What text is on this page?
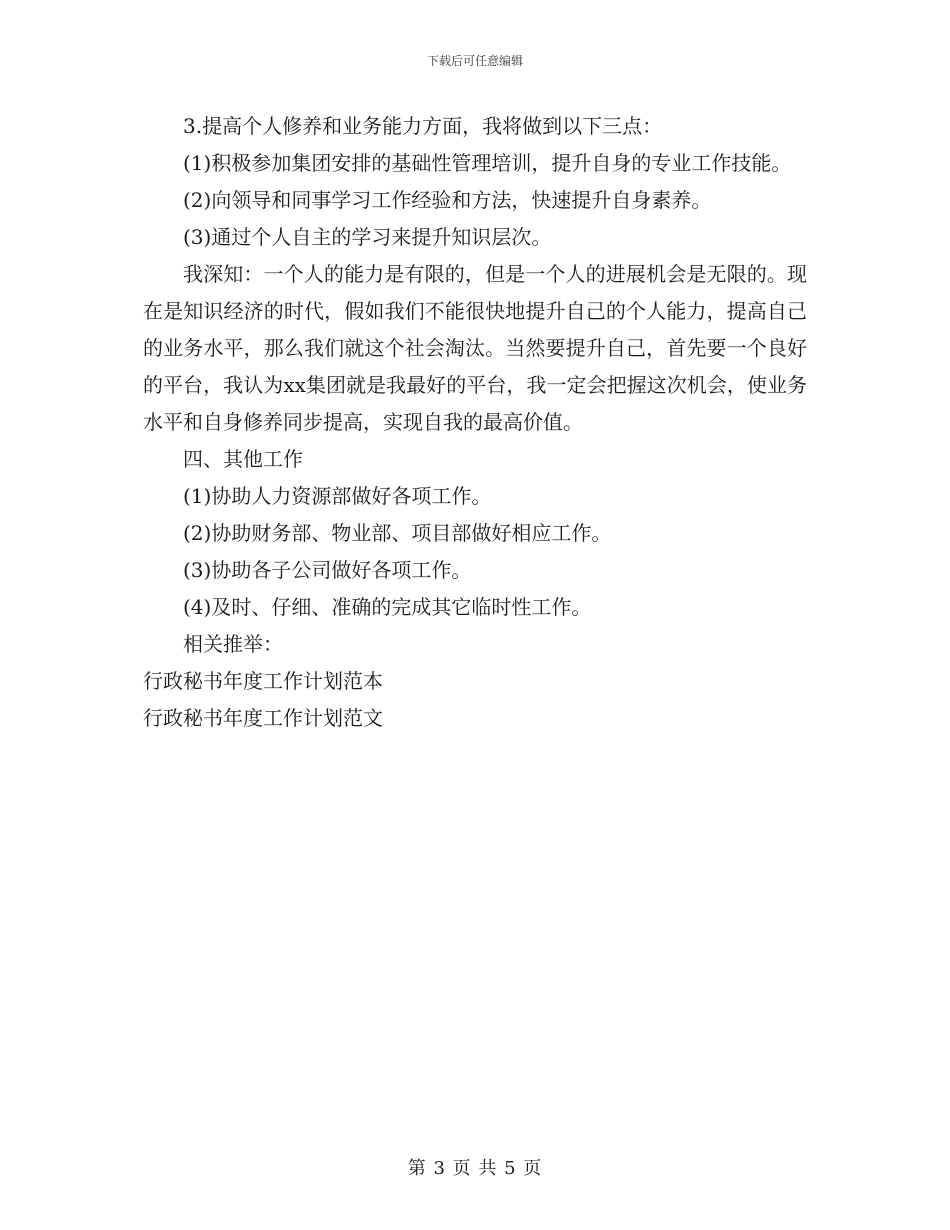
下载后可任意编辑

3.提高个人修养和业务能力方面，我将做到以下三点：

(1)积极参加集团安排的基础性管理培训，提升自身的专业工作技能。

(2)向领导和同事学习工作经验和方法，快速提升自身素养。

(3)通过个人自主的学习来提升知识层次。

我深知：一个人的能力是有限的，但是一个人的进展机会是无限的。现在是知识经济的时代，假如我们不能很快地提升自己的个人能力，提高自己的业务水平，那么我们就这个社会淘汰。当然要提升自己，首先要一个良好的平台，我认为xx集团就是我最好的平台，我一定会把握这次机会，使业务水平和自身修养同步提高，实现自我的最高价值。

四、其他工作

(1)协助人力资源部做好各项工作。

(2)协助财务部、物业部、项目部做好相应工作。

(3)协助各子公司做好各项工作。

(4)及时、仔细、准确的完成其它临时性工作。

相关推举：

行政秘书年度工作计划范本

行政秘书年度工作计划范文

第 3 页 共 5 页
